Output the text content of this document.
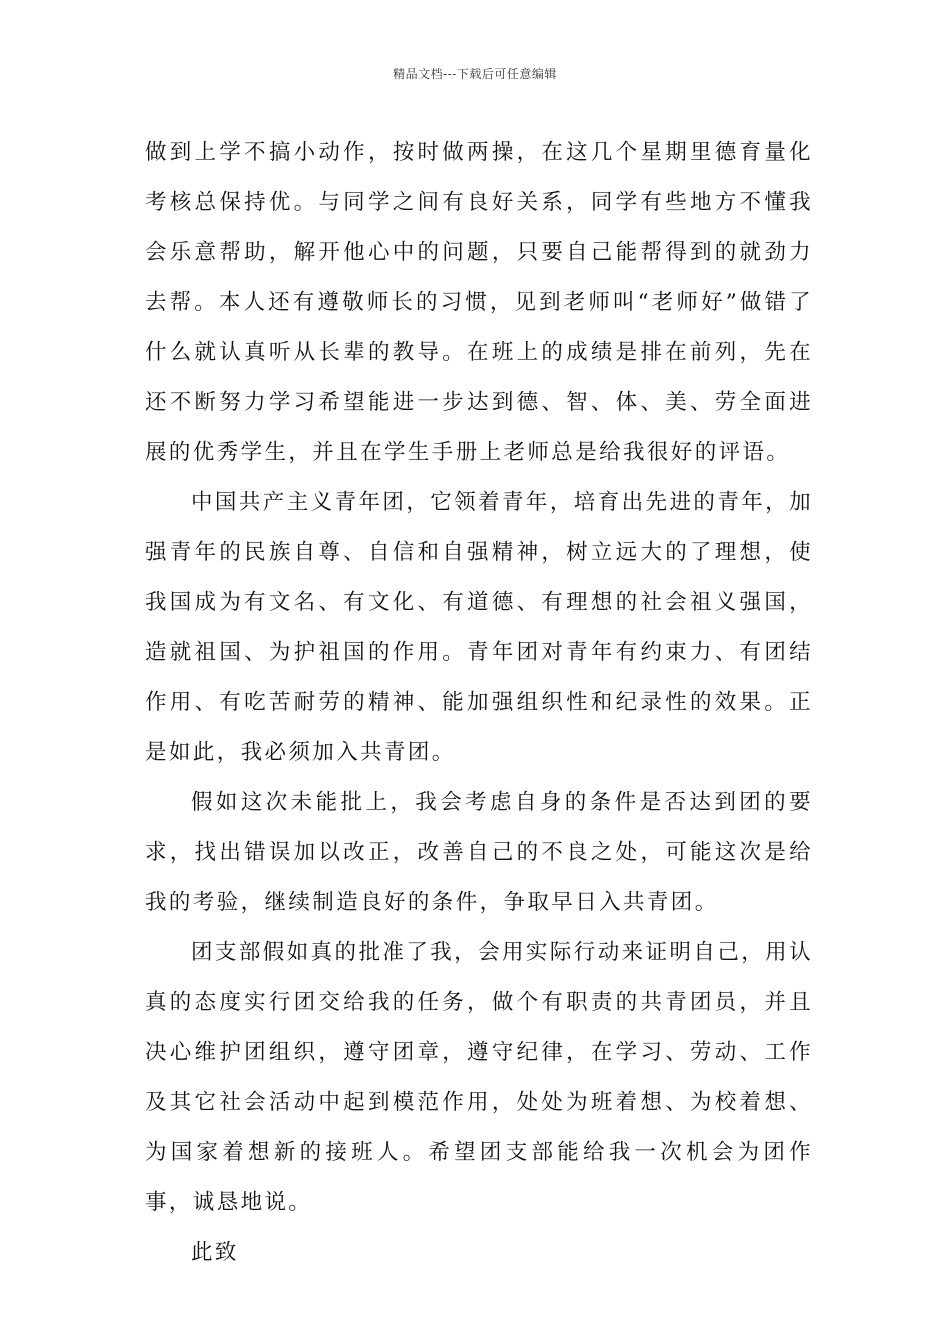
精品文档---下载后可任意编辑

做到上学不搞小动作，按时做两操，在这几个星期里德育量化考核总保持优。与同学之间有良好关系，同学有些地方不懂我会乐意帮助，解开他心中的问题，只要自己能帮得到的就劲力去帮。本人还有遵敬师长的习惯，见到老师叫“老师好”做错了什么就认真听从长辈的教导。在班上的成绩是排在前列，先在还不断努力学习希望能进一步达到德、智、体、美、劳全面进展的优秀学生，并且在学生手册上老师总是给我很好的评语。

中国共产主义青年团，它领着青年，培育出先进的青年，加强青年的民族自尊、自信和自强精神，树立远大的了理想，使我国成为有文名、有文化、有道德、有理想的社会祖义强国，造就祖国、为护祖国的作用。青年团对青年有约束力、有团结作用、有吃苦耐劳的精神、能加强组织性和纪录性的效果。正是如此，我必须加入共青团。

假如这次未能批上，我会考虑自身的条件是否达到团的要求，找出错误加以改正，改善自己的不良之处，可能这次是给我的考验，继续制造良好的条件，争取早日入共青团。

团支部假如真的批准了我，会用实际行动来证明自己，用认真的态度实行团交给我的任务，做个有职责的共青团员，并且决心维护团组织，遵守团章，遵守纪律，在学习、劳动、工作及其它社会活动中起到模范作用，处处为班着想、为校着想、为国家着想新的接班人。希望团支部能给我一次机会为团作事，诚恳地说。

此致
